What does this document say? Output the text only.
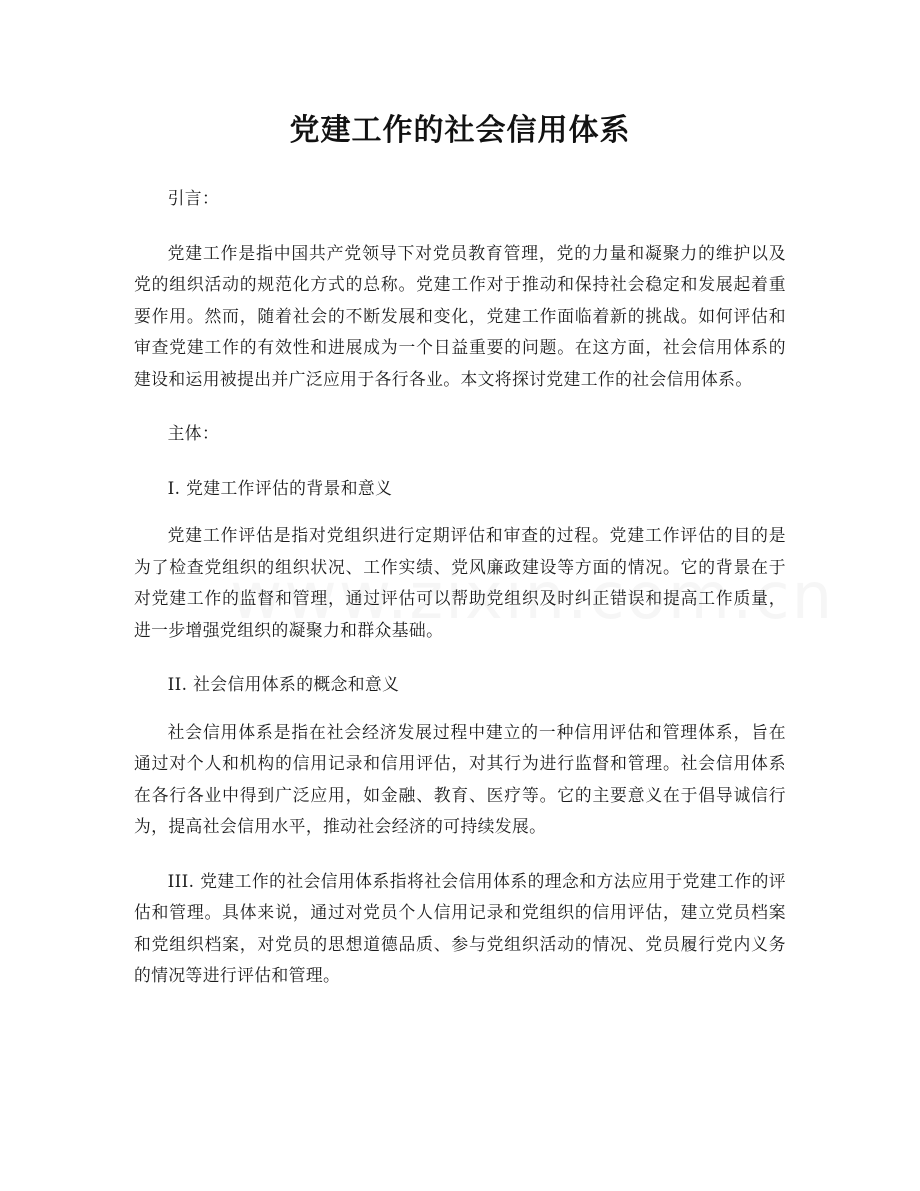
党建工作的社会信用体系

引言：

党建工作是指中国共产党领导下对党员教育管理，党的力量和凝聚力的维护以及党的组织活动的规范化方式的总称。党建工作对于推动和保持社会稳定和发展起着重要作用。然而，随着社会的不断发展和变化，党建工作面临着新的挑战。如何评估和审查党建工作的有效性和进展成为一个日益重要的问题。在这方面，社会信用体系的建设和运用被提出并广泛应用于各行各业。本文将探讨党建工作的社会信用体系。

主体：

I. 党建工作评估的背景和意义

党建工作评估是指对党组织进行定期评估和审查的过程。党建工作评估的目的是为了检查党组织的组织状况、工作实绩、党风廉政建设等方面的情况。它的背景在于对党建工作的监督和管理，通过评估可以帮助党组织及时纠正错误和提高工作质量，进一步增强党组织的凝聚力和群众基础。

II. 社会信用体系的概念和意义

社会信用体系是指在社会经济发展过程中建立的一种信用评估和管理体系，旨在通过对个人和机构的信用记录和信用评估，对其行为进行监督和管理。社会信用体系在各行各业中得到广泛应用，如金融、教育、医疗等。它的主要意义在于倡导诚信行为，提高社会信用水平，推动社会经济的可持续发展。

III. 党建工作的社会信用体系指将社会信用体系的理念和方法应用于党建工作的评估和管理。具体来说，通过对党员个人信用记录和党组织的信用评估，建立党员档案和党组织档案，对党员的思想道德品质、参与党组织活动的情况、党员履行党内义务的情况等进行评估和管理。
